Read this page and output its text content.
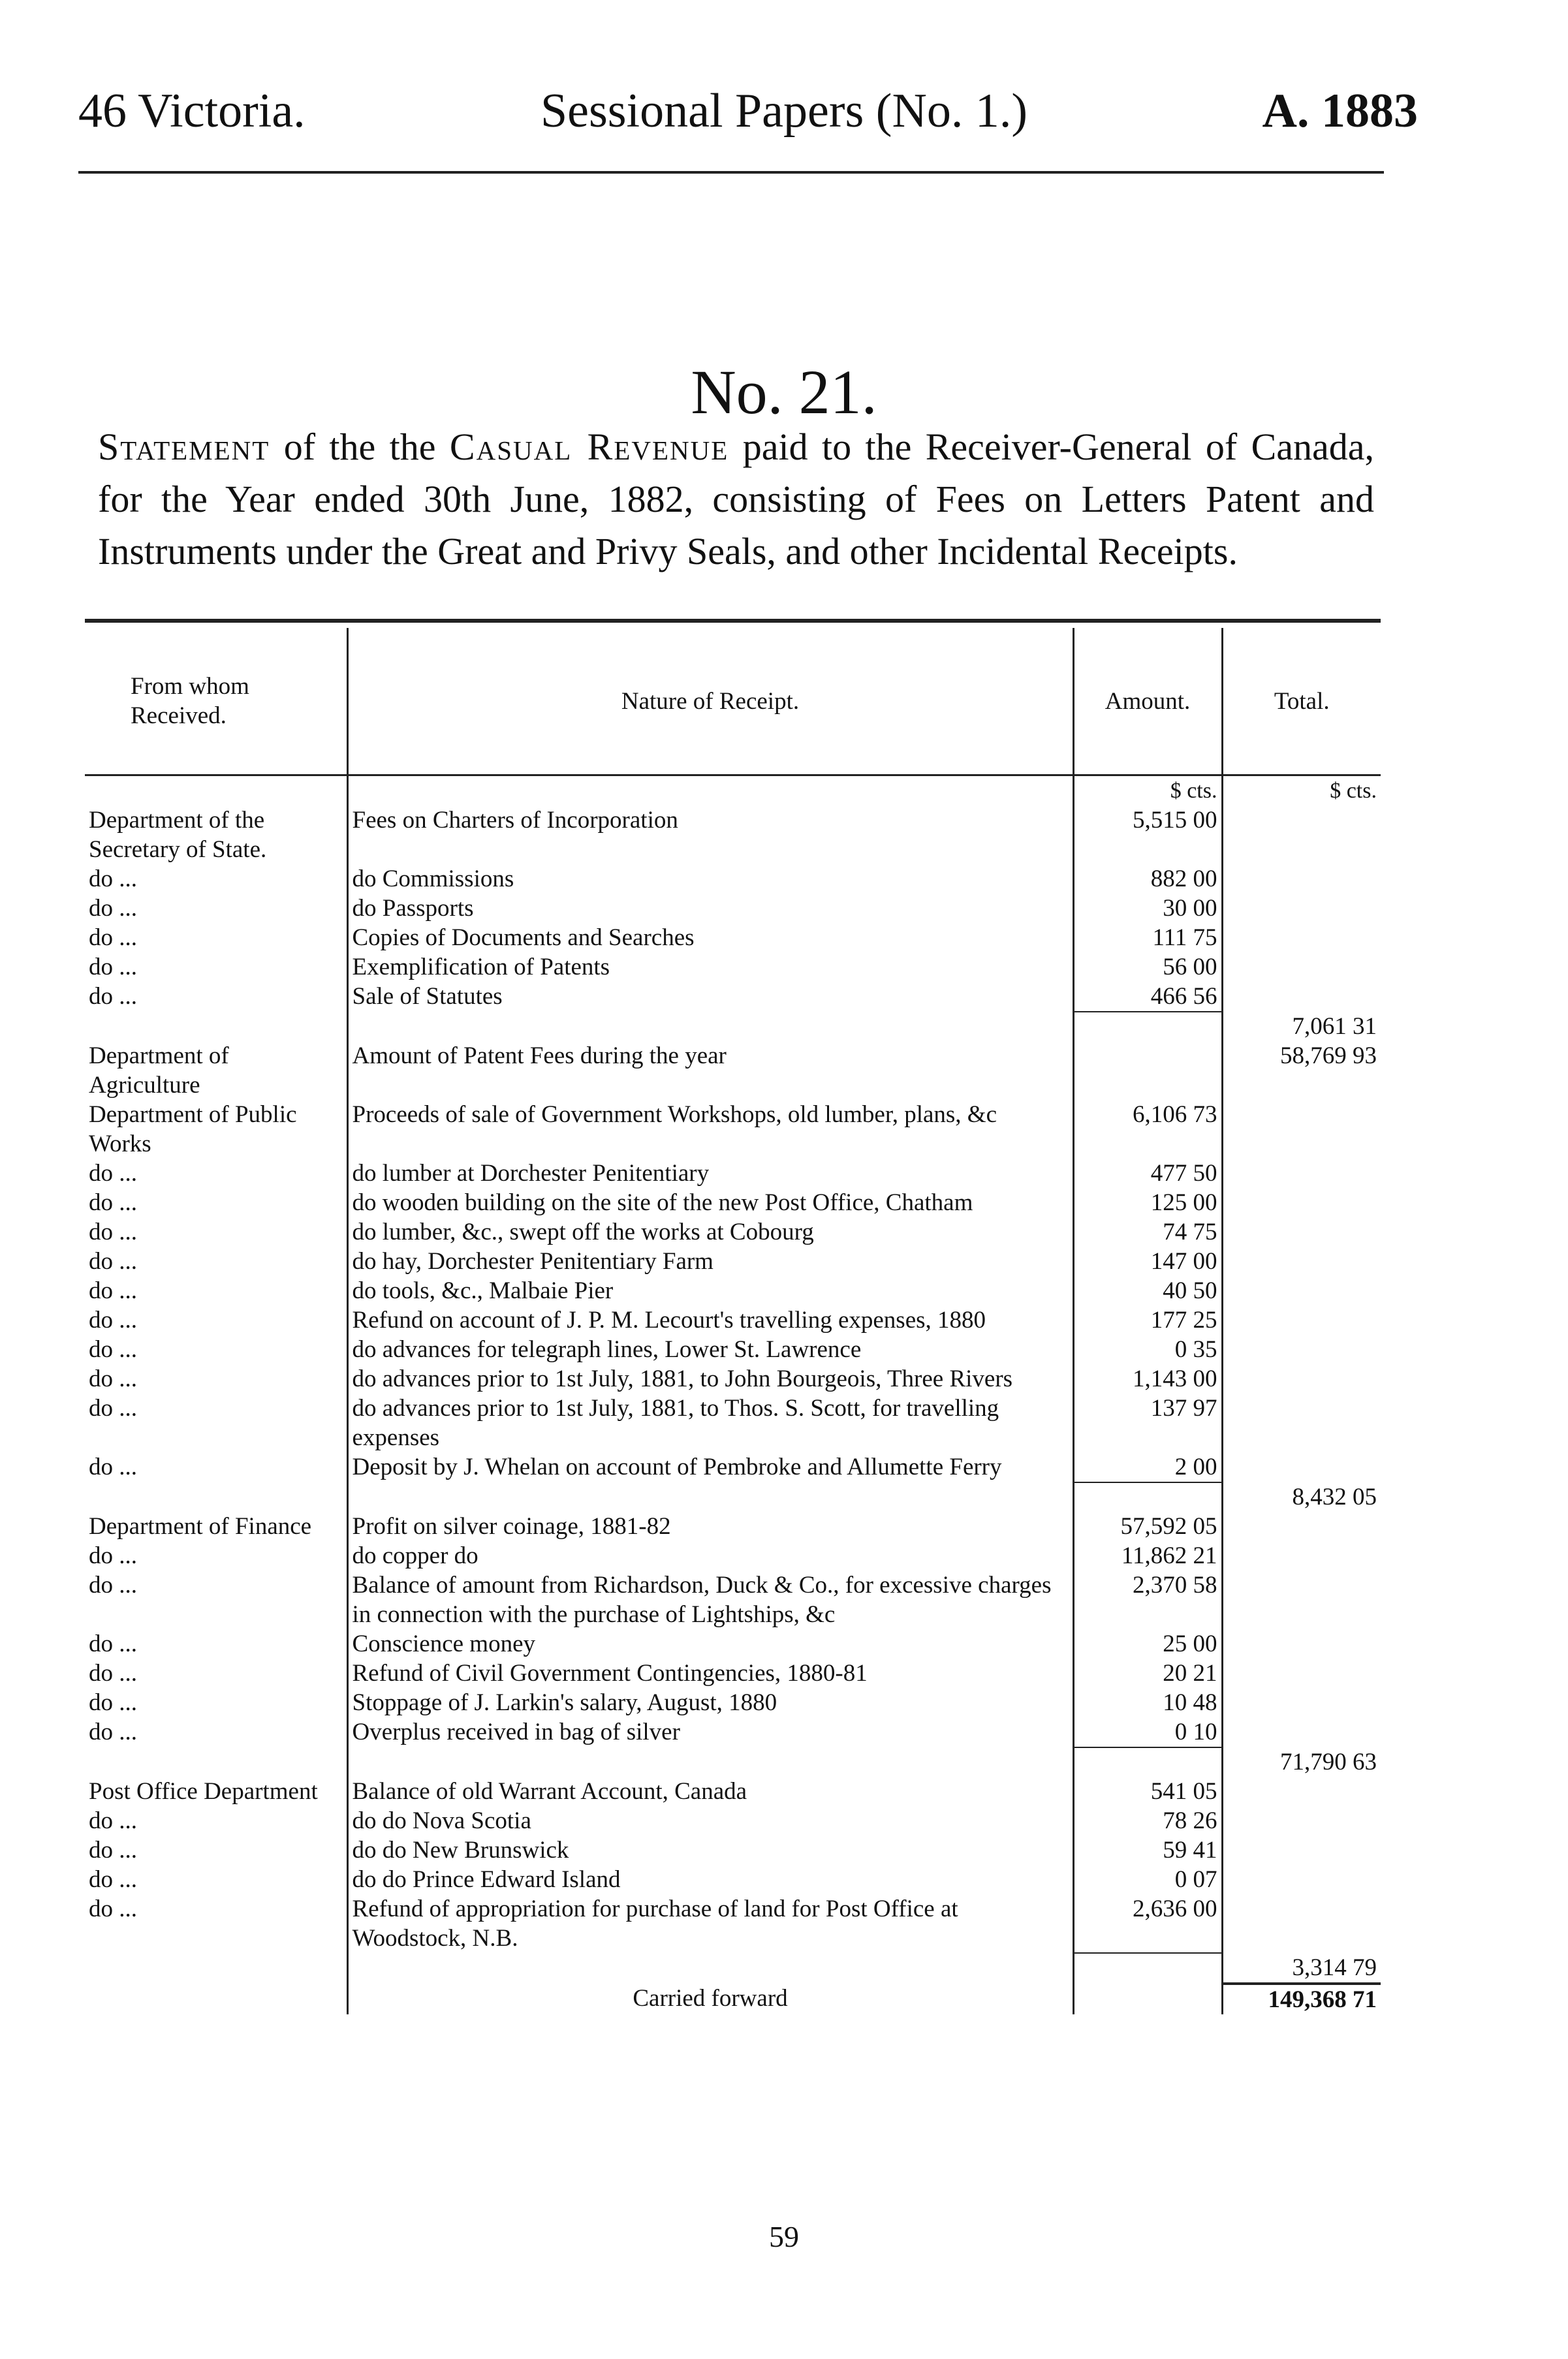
46 Victoria.	Sessional Papers (No. 1.)	A. 1883
No. 21.
Statement of the the Casual Revenue paid to the Receiver-General of Canada, for the Year ended 30th June, 1882, consisting of Fees on Letters Patent and Instruments under the Great and Privy Seals, and other Incidental Receipts.
From whom Received.	Nature of Receipt.	Amount.	Total.
		$ cts.	$ cts.
Department of the Secretary of State.	Fees on Charters of Incorporation	5,515 00	
do ...	do Commissions	882 00	
do ...	do Passports	30 00	
do ...	Copies of Documents and Searches	111 75	
do ...	Exemplification of Patents	56 00	
do ...	Sale of Statutes	466 56	
			7,061 31
Department of Agriculture	Amount of Patent Fees during the year		58,769 93
Department of Public Works	Proceeds of sale of Government Workshops, old lumber, plans, &c	6,106 73	
do ...	do lumber at Dorchester Penitentiary	477 50	
do ...	do wooden building on the site of the new Post Office, Chatham	125 00	
do ...	do lumber, &c., swept off the works at Cobourg	74 75	
do ...	do hay, Dorchester Penitentiary Farm	147 00	
do ...	do tools, &c., Malbaie Pier	40 50	
do ...	Refund on account of J. P. M. Lecourt's travelling expenses, 1880	177 25	
do ...	do advances for telegraph lines, Lower St. Lawrence	0 35	
do ...	do advances prior to 1st July, 1881, to John Bourgeois, Three Rivers	1,143 00	
do ...	do advances prior to 1st July, 1881, to Thos. S. Scott, for travelling expenses	137 97	
do ...	Deposit by J. Whelan on account of Pembroke and Allumette Ferry	2 00	
			8,432 05
Department of Finance	Profit on silver coinage, 1881-82	57,592 05	
do ...	do copper do	11,862 21	
do ...	Balance of amount from Richardson, Duck & Co., for excessive charges in connection with the purchase of Lightships, &c	2,370 58	
do ...	Conscience money	25 00	
do ...	Refund of Civil Government Contingencies, 1880-81	20 21	
do ...	Stoppage of J. Larkin's salary, August, 1880	10 48	
do ...	Overplus received in bag of silver	0 10	
			71,790 63
Post Office Department	Balance of old Warrant Account, Canada	541 05	
do ...	do do Nova Scotia	78 26	
do ...	do do New Brunswick	59 41	
do ...	do do Prince Edward Island	0 07	
do ...	Refund of appropriation for purchase of land for Post Office at Woodstock, N.B.	2,636 00	
			3,314 79
	Carried forward		149,368 71
59
